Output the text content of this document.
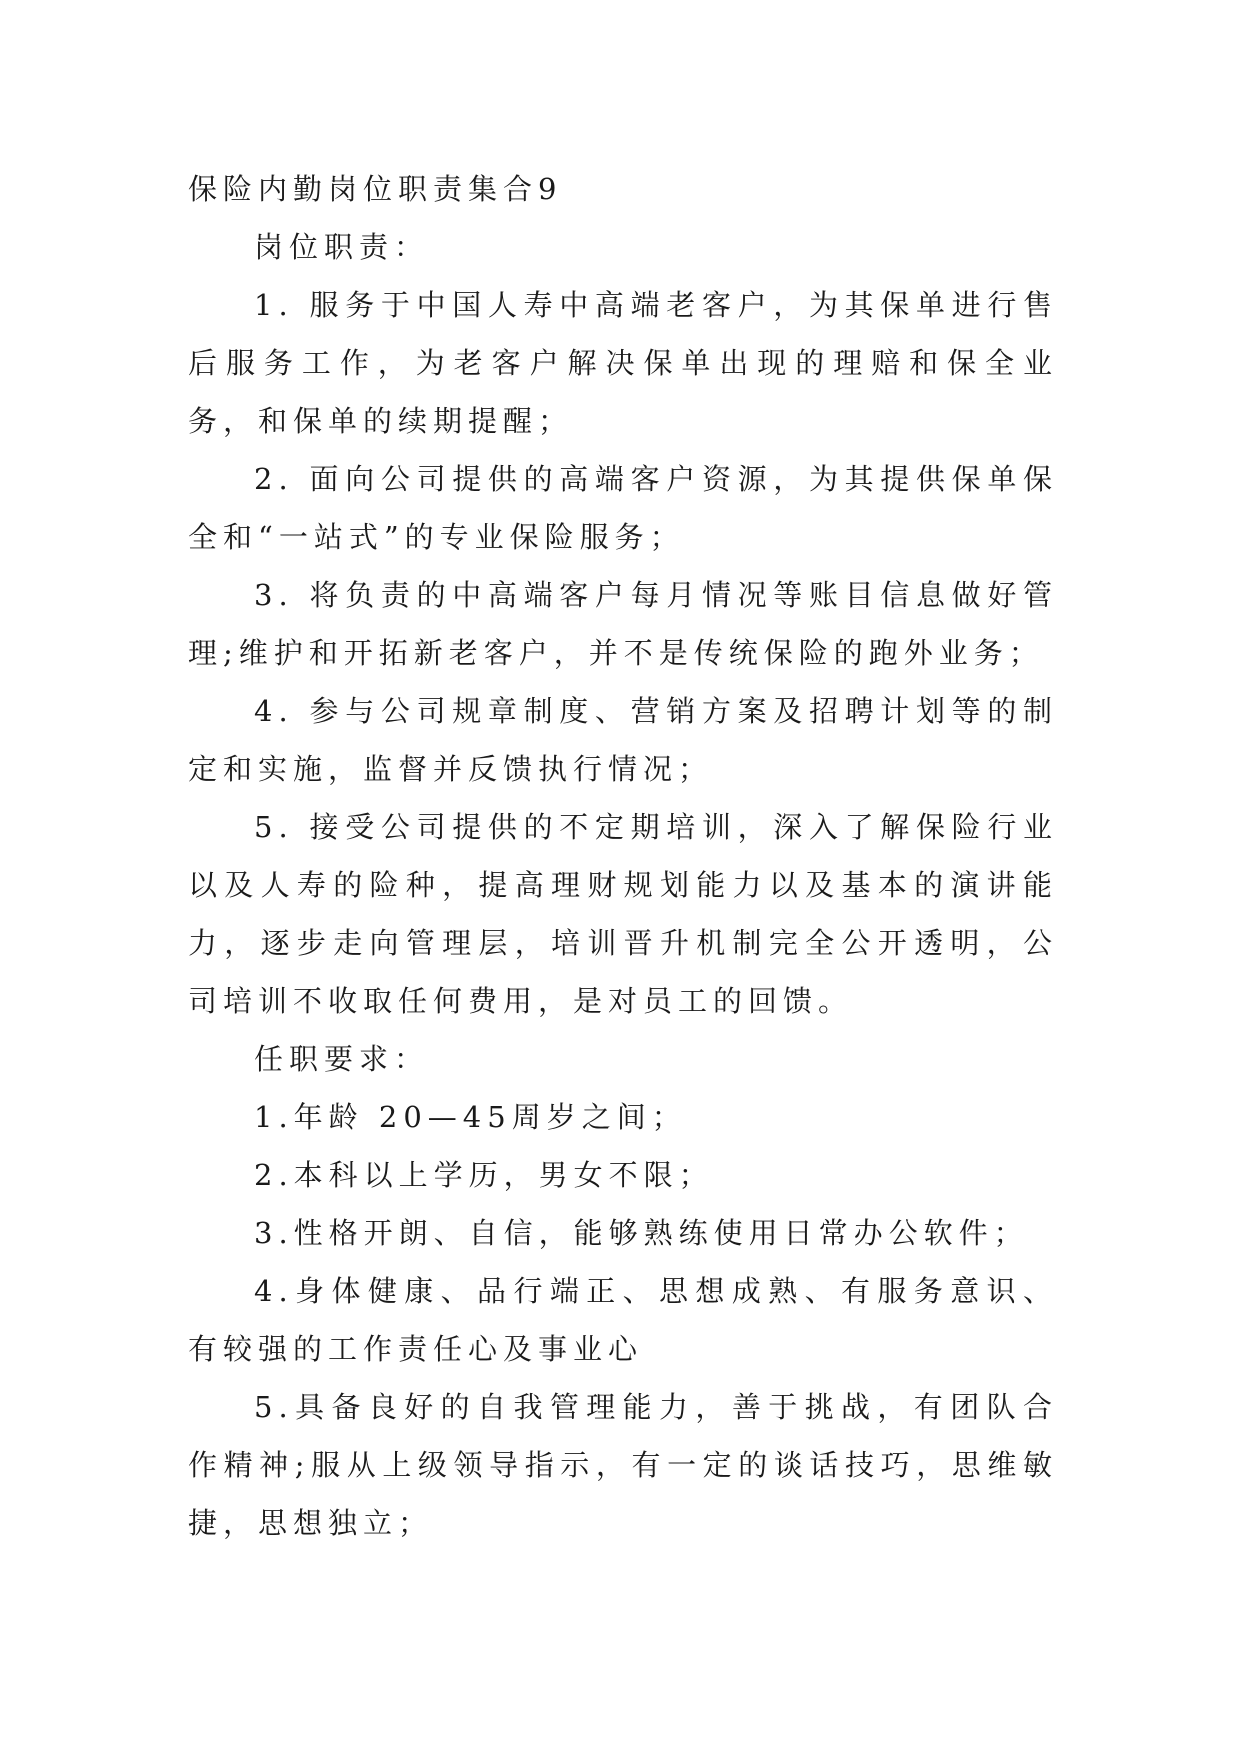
保险内勤岗位职责集合9

岗位职责：

1. 服务于中国人寿中高端老客户，为其保单进行售后服务工作，为老客户解决保单出现的理赔和保全业务，和保单的续期提醒；

2. 面向公司提供的高端客户资源，为其提供保单保全和“一站式”的专业保险服务；

3. 将负责的中高端客户每月情况等账目信息做好管理;维护和开拓新老客户，并不是传统保险的跑外业务；

4. 参与公司规章制度、营销方案及招聘计划等的制定和实施，监督并反馈执行情况；

5. 接受公司提供的不定期培训，深入了解保险行业以及人寿的险种，提高理财规划能力以及基本的演讲能力，逐步走向管理层，培训晋升机制完全公开透明，公司培训不收取任何费用，是对员工的回馈。

任职要求：

1.年龄 20—45周岁之间；

2.本科以上学历，男女不限；

3.性格开朗、自信，能够熟练使用日常办公软件；

4.身体健康、品行端正、思想成熟、有服务意识、有较强的工作责任心及事业心

5.具备良好的自我管理能力，善于挑战，有团队合作精神;服从上级领导指示，有一定的谈话技巧，思维敏捷，思想独立；
